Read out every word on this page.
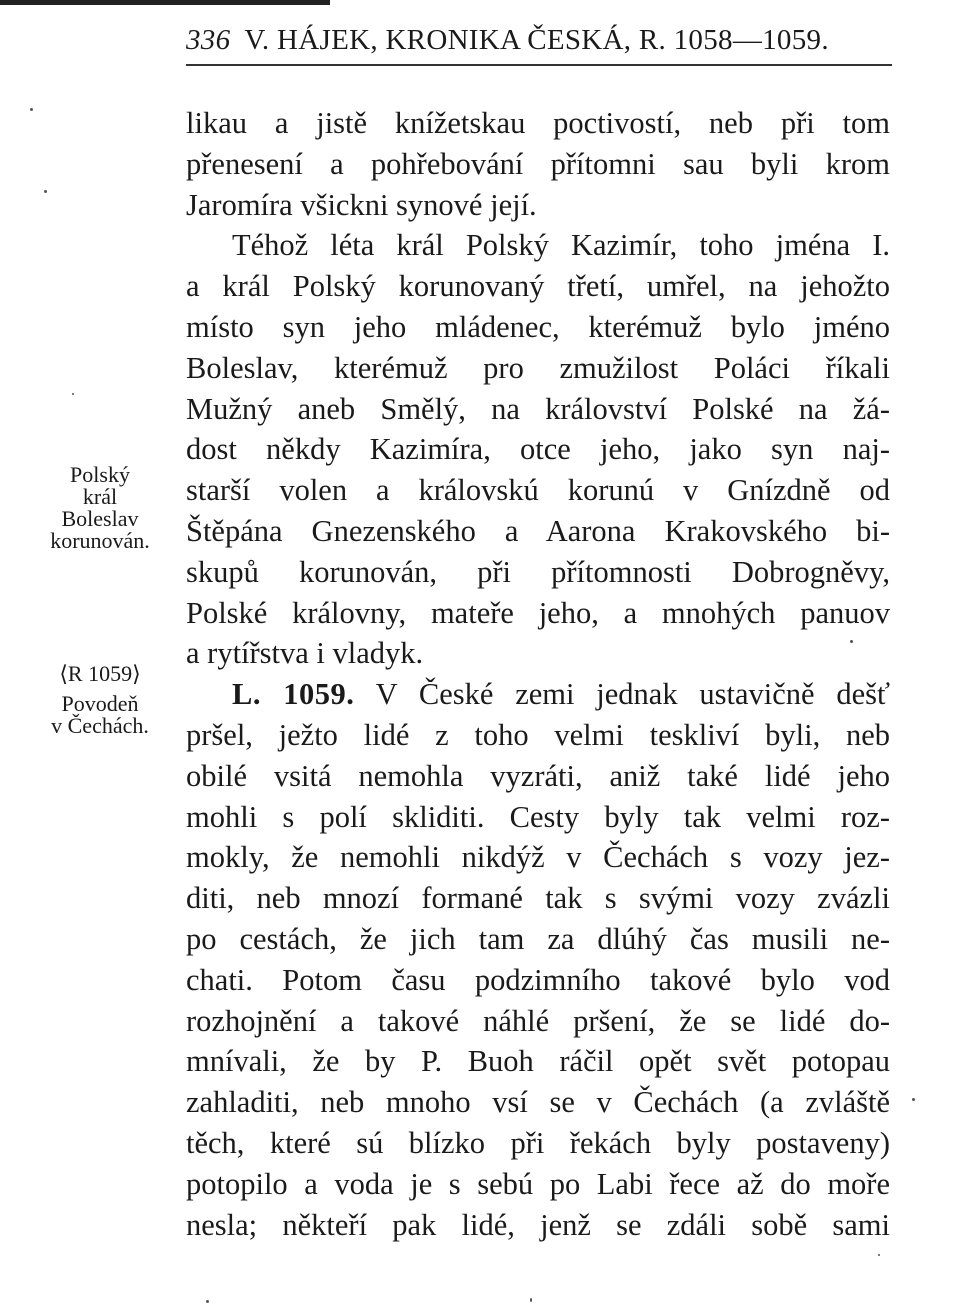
336 V. HÁJEK, KRONIKA ČESKÁ, R. 1058—1059.
likau a jistě knížetskau poctivostí, neb při tom
přenesení a pohřebování přítomni sau byli krom
Jaromíra všickni synové její.
Téhož léta král Polský Kazimír, toho jména I.
a král Polský korunovaný třetí, umřel, na jehožto
místo syn jeho mládenec, kterémuž bylo jméno
Boleslav, kterémuž pro zmužilost Poláci říkali
Mužný aneb Smělý, na království Polské na žá-
dost někdy Kazimíra, otce jeho, jako syn naj-
starší volen a královskú korunú v Gnízdně od
Štěpána Gnezenského a Aarona Krakovského bi-
skupů korunován, při přítomnosti Dobrogněvy,
Polské královny, mateře jeho, a mnohých panuov
a rytířstva i vladyk.
L. 1059. V České zemi jednak ustavičně dešť
pršel, ježto lidé z toho velmi teskliví byli, neb
obilé vsitá nemohla vyzráti, aniž také lidé jeho
mohli s polí skliditi. Cesty byly tak velmi roz-
mokly, že nemohli nikdýž v Čechách s vozy jez-
diti, neb mnozí formané tak s svými vozy zvázli
po cestách, že jich tam za dlúhý čas musili ne-
chati. Potom času podzimního takové bylo vod
rozhojnění a takové náhlé pršení, že se lidé do-
mnívali, že by P. Buoh ráčil opět svět potopau
zahladiti, neb mnoho vsí se v Čechách (a zvláště
těch, které sú blízko při řekách byly postaveny)
potopilo a voda je s sebú po Labi řece až do moře
nesla; někteří pak lidé, jenž se zdáli sobě sami
Polský
král
Boleslav
korunován.
⟨R 1059⟩
Povodeň
v Čechách.
